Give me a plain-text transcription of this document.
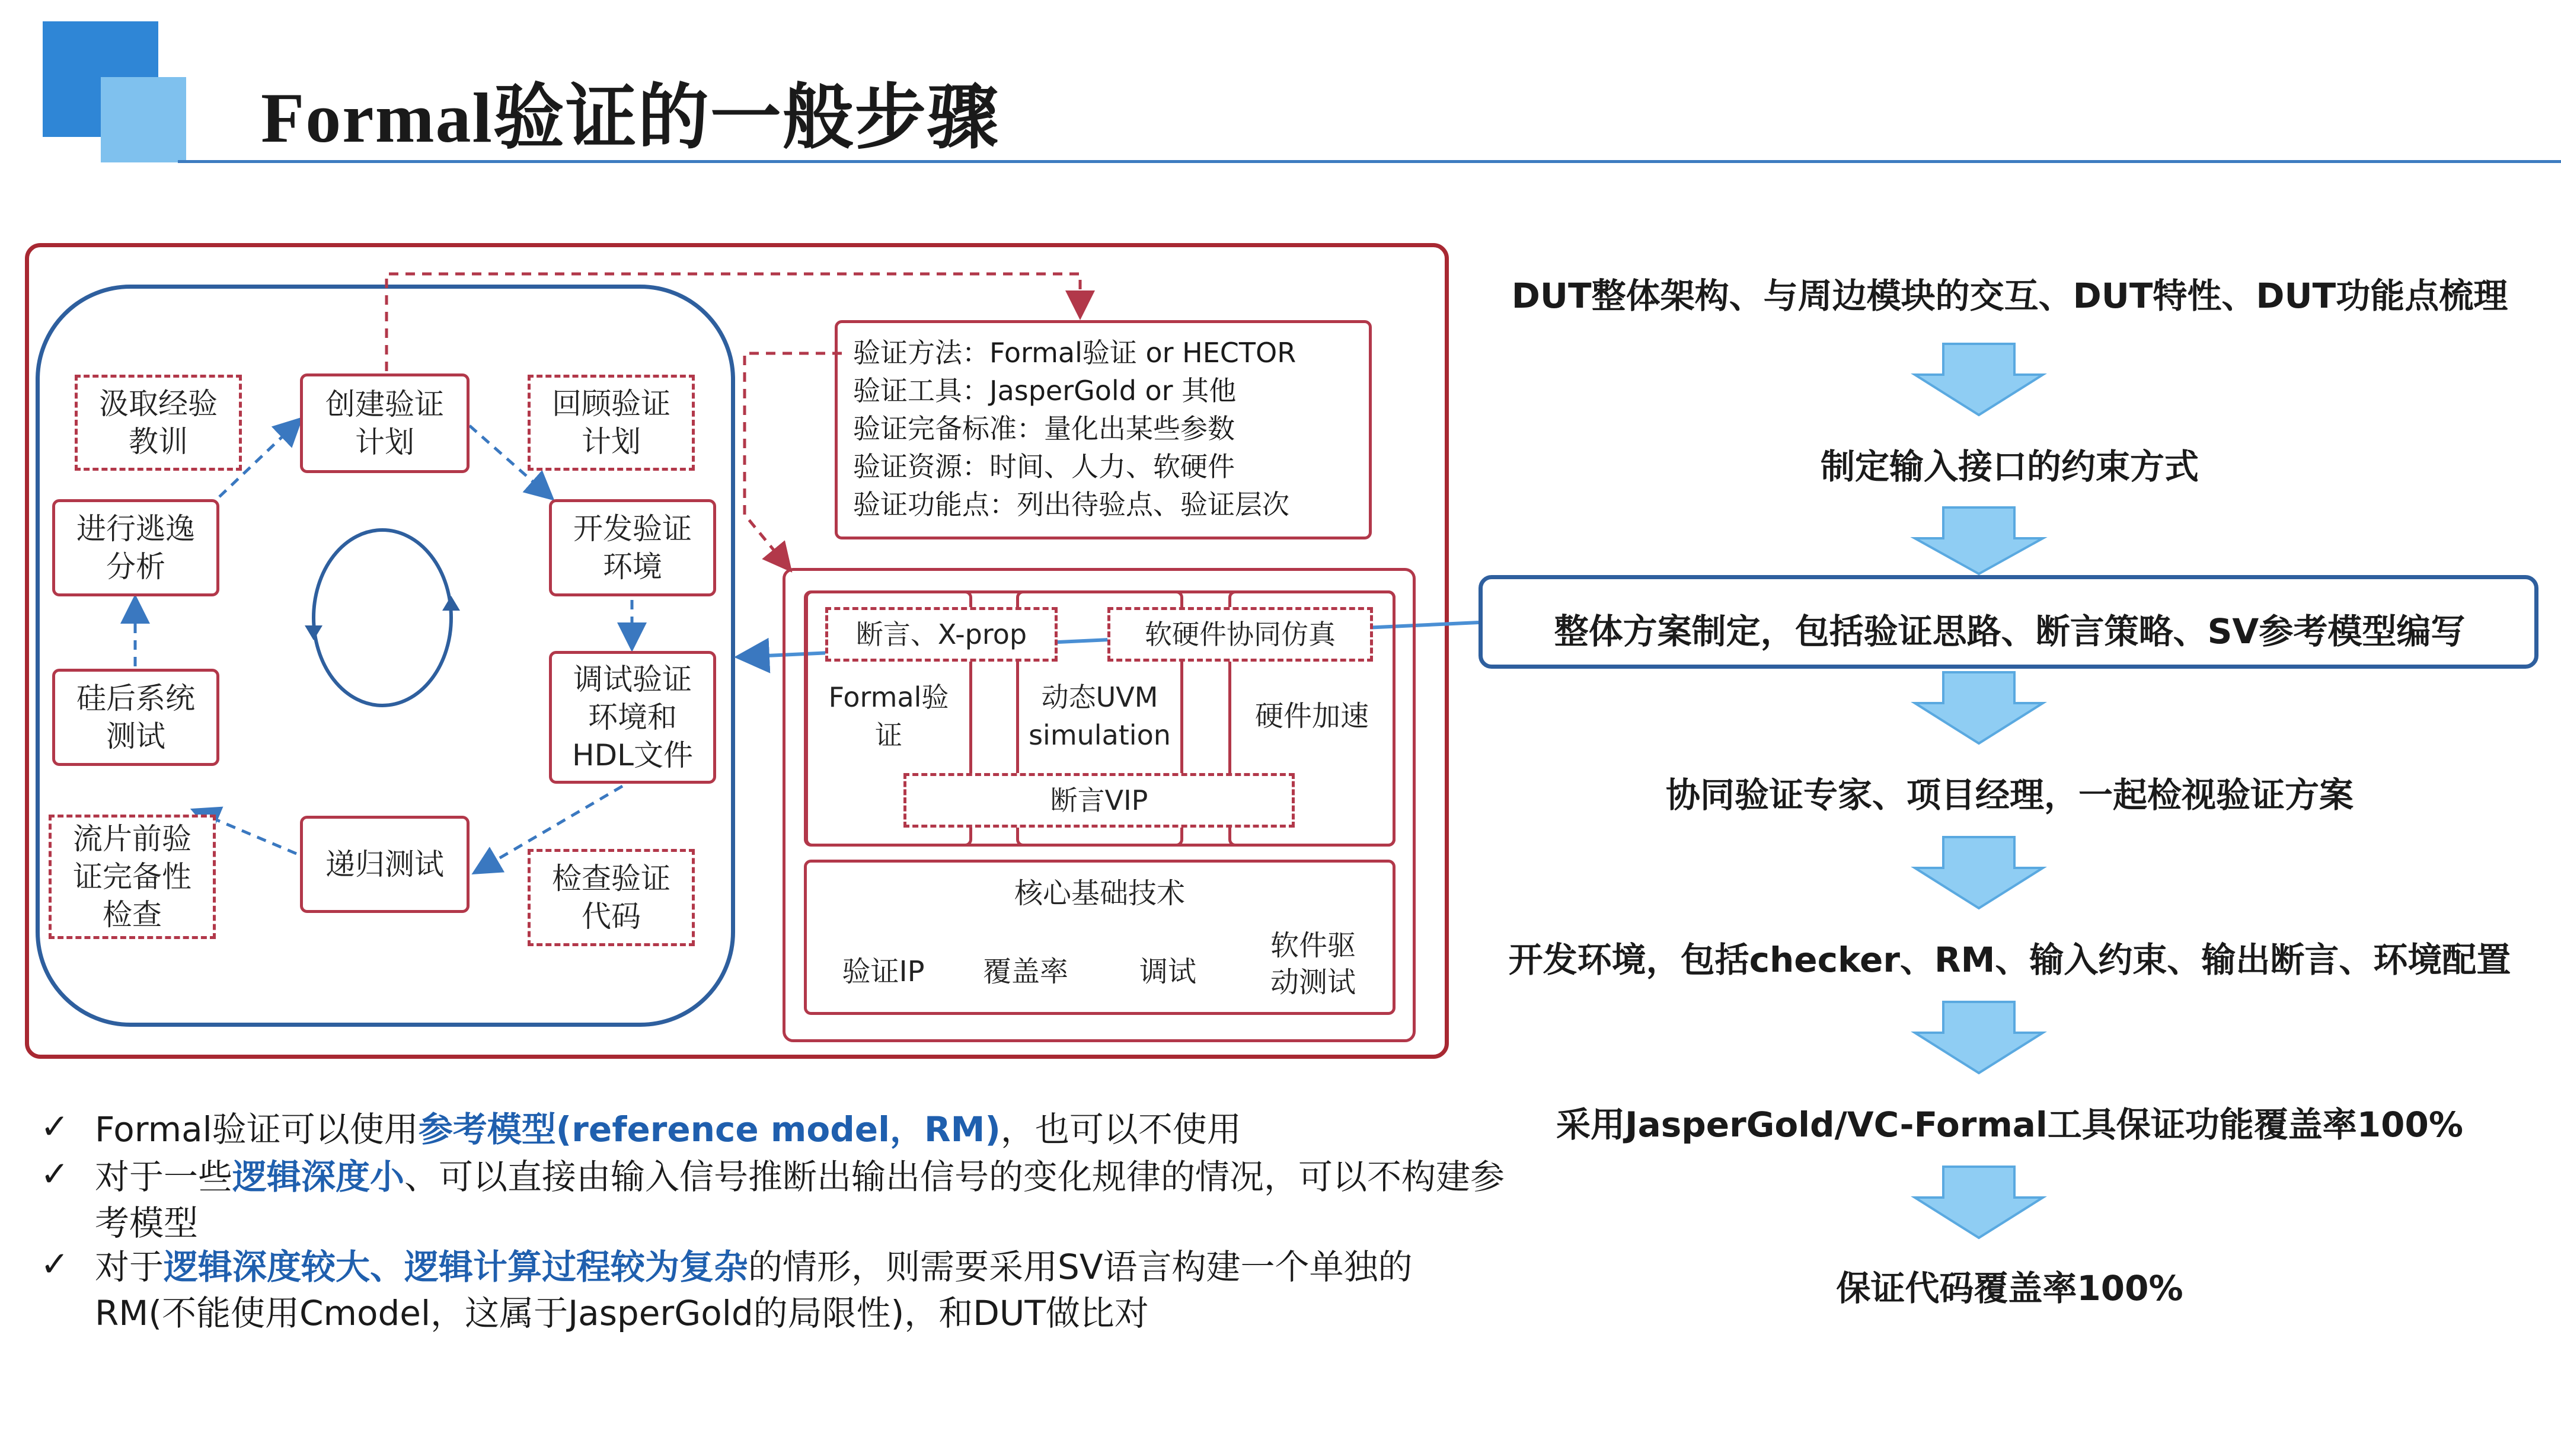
Formal验证的一般步骤
创建验证
计划
汲取经验
教训
回顾验证
计划
开发验证
环境
调试验证
环境和
HDL文件
检查验证
代码
递归测试
流片前验
证完备性
检查
硅后系统
测试
进行逃逸
分析
验证方法：Formal验证 or HECTOR
验证工具：JasperGold or 其他
验证完备标准：量化出某些参数
验证资源：时间、人力、软硬件
验证功能点：列出待验点、验证层次
断言、X-prop	软硬件协同仿真
Formal验
证
动态UVM
simulation
硬件加速
断言VIP
核心基础技术
验证IP	覆盖率	调试
软件驱
动测试
DUT整体架构、与周边模块的交互、DUT特性、DUT功能点梳理
制定输入接口的约束方式
整体方案制定，包括验证思路、断言策略、SV参考模型编写
协同验证专家、项目经理，一起检视验证方案
开发环境，包括checker、RM、输入约束、输出断言、环境配置
采用JasperGold/VC-Formal工具保证功能覆盖率100%
保证代码覆盖率100%
✓ Formal验证可以使用参考模型(reference model，RM)，也可以不使用
✓ 对于一些逻辑深度小、可以直接由输入信号推断出输出信号的变化规律的情况，可以不构建参考模型
✓ 对于逻辑深度较大、逻辑计算过程较为复杂的情形，则需要采用SV语言构建一个单独的RM(不能使用Cmodel，这属于JasperGold的局限性)，和DUT做比对
